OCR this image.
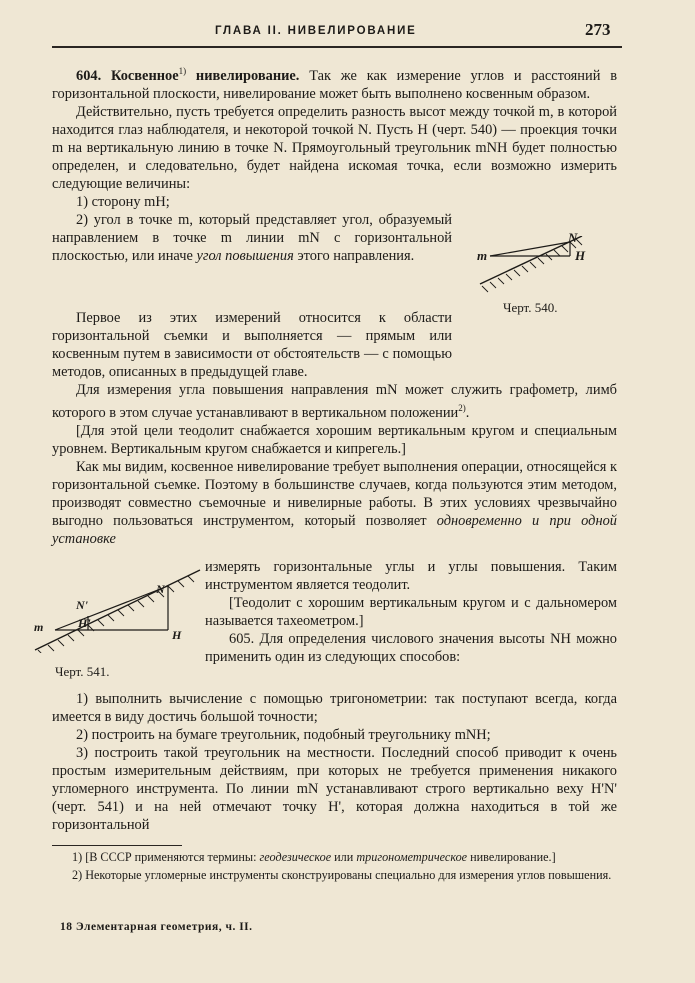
ГЛАВА II. НИВЕЛИРОВАНИЕ	273

604. Косвенное$^{1)}$ нивелирование. Так же как измерение углов и расстояний в горизонтальной плоскости, нивелирование может быть выполнено косвенным образом.

Действительно, пусть требуется определить разность высот между точкой m, в которой находится глаз наблюдателя, и некоторой точкой N. Пусть H (черт. 540) — проекция точки m на вертикальную линию в точке N. Прямоугольный треугольник mNH будет полностью определен, и следовательно, будет найдена искомая точка, если возможно измерить следующие величины:

1) сторону mH;

2) угол в точке m, который представляет угол, образуемый направлением в точке m линии mN с горизонтальной плоскостью, или иначе угол повышения этого направления.

N
m	H
Черт. 540.

Первое из этих измерений относится к области горизонтальной съемки и выполняется — прямым или косвенным путем в зависимости от обстоятельств — с помощью методов, описанных в предыдущей главе.

Для измерения угла повышения направления mN может служить графометр, лимб которого в этом случае устанавливают в вертикальном положении$^{2)}$.

[Для этой цели теодолит снабжается хорошим вертикальным кругом и специальным уровнем. Вертикальным кругом снабжается и кипрегель.]

Как мы видим, косвенное нивелирование требует выполнения операции, относящейся к горизонтальной съемке. Поэтому в большинстве случаев, когда пользуются этим методом, производят совместно съемочные и нивелирные работы. В этих условиях чрезвычайно выгодно пользоваться инструментом, который позволяет одновременно и при одной установке

измерять горизонтальные углы и углы повышения. Таким инструментом является теодолит.

[Теодолит с хорошим вертикальным кругом и с дальномером называется тахеометром.]

605. Для определения числового значения высоты NH можно применить один из следующих способов:

N
N'
H'
m
H
Черт. 541.

1) выполнить вычисление с помощью тригонометрии: так поступают всегда, когда имеется в виду достичь большой точности;

2) построить на бумаге треугольник, подобный треугольнику mNH;

3) построить такой треугольник на местности. Последний способ приводит к очень простым измерительным действиям, при которых не требуется применения никакого угломерного инструмента. По линии mN устанавливают строго вертикально веху H'N' (черт. 541) и на ней отмечают точку H', которая должна находиться в той же горизонтальной

1) [В СССР применяются термины: геодезическое или тригонометрическое нивелирование.]

2) Некоторые угломерные инструменты сконструированы специально для измерения углов повышения.

18 Элементарная геометрия, ч. II.
